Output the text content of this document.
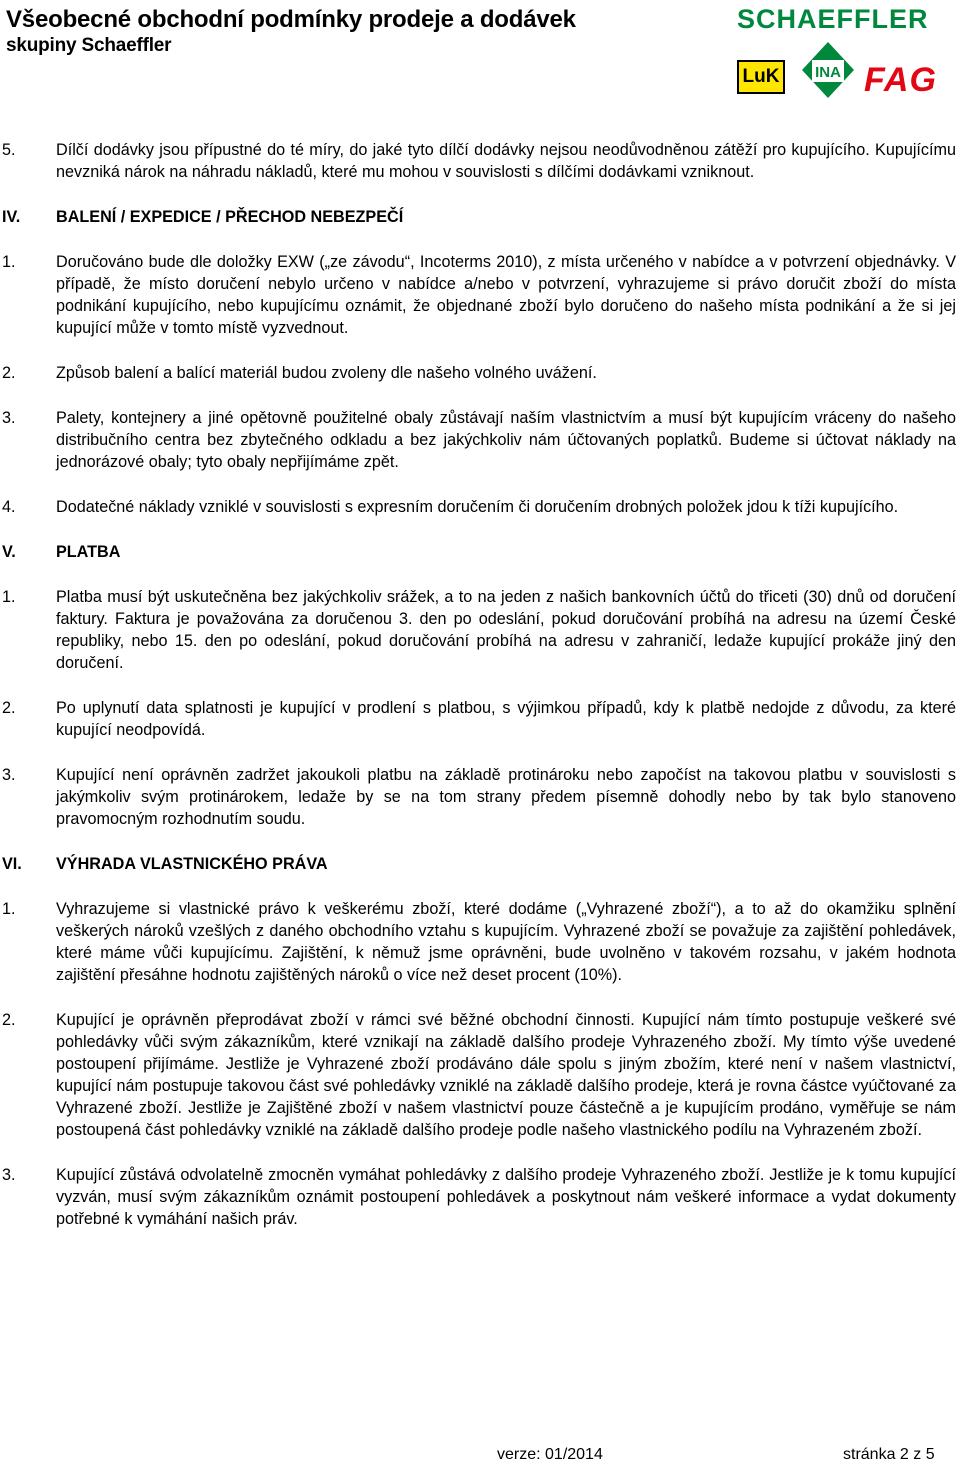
Všeobecné obchodní podmínky prodeje a dodávek
skupiny Schaeffler
SCHAEFFLER
LuK	INA FAG
5. Dílčí dodávky jsou přípustné do té míry, do jaké tyto dílčí dodávky nejsou neodůvodněnou zátěží pro kupujícího. Kupujícímu nevzniká nárok na náhradu nákladů, které mu mohou v souvislosti s dílčími dodávkami vzniknout.

IV. BALENÍ / EXPEDICE / PŘECHOD NEBEZPEČÍ
1. Doručováno bude dle doložky EXW („ze závodu“, Incoterms 2010), z místa určeného v nabídce a v potvrzení objednávky. V případě, že místo doručení nebylo určeno v nabídce a/nebo v potvrzení, vyhrazujeme si právo doručit zboží do místa podnikání kupujícího, nebo kupujícímu oznámit, že objednané zboží bylo doručeno do našeho místa podnikání a že si jej kupující může v tomto místě vyzvednout.

2. Způsob balení a balící materiál budou zvoleny dle našeho volného uvážení.

3. Palety, kontejnery a jiné opětovně použitelné obaly zůstávají naším vlastnictvím a musí být kupujícím vráceny do našeho distribučního centra bez zbytečného odkladu a bez jakýchkoliv nám účtovaných poplatků. Budeme si účtovat náklady na jednorázové obaly; tyto obaly nepřijímáme zpět.

4. Dodatečné náklady vzniklé v souvislosti s expresním doručením či doručením drobných položek jdou k tíži kupujícího.

V. PLATBA
1. Platba musí být uskutečněna bez jakýchkoliv srážek, a to na jeden z našich bankovních účtů do třiceti (30) dnů od doručení faktury. Faktura je považována za doručenou 3. den po odeslání, pokud doručování probíhá na adresu na území České republiky, nebo 15. den po odeslání, pokud doručování probíhá na adresu v zahraničí, ledaže kupující prokáže jiný den doručení.

2. Po uplynutí data splatnosti je kupující v prodlení s platbou, s výjimkou případů, kdy k platbě nedojde z důvodu, za které kupující neodpovídá.

3. Kupující není oprávněn zadržet jakoukoli platbu na základě protinároku nebo započíst na takovou platbu v souvislosti s jakýmkoliv svým protinárokem, ledaže by se na tom strany předem písemně dohodly nebo by tak bylo stanoveno pravomocným rozhodnutím soudu.

VI. VÝHRADA VLASTNICKÉHO PRÁVA
1. Vyhrazujeme si vlastnické právo k veškerému zboží, které dodáme („Vyhrazené zboží“), a to až do okamžiku splnění veškerých nároků vzešlých z daného obchodního vztahu s kupujícím. Vyhrazené zboží se považuje za zajištění pohledávek, které máme vůči kupujícímu. Zajištění, k němuž jsme oprávněni, bude uvolněno v takovém rozsahu, v jakém hodnota zajištění přesáhne hodnotu zajištěných nároků o více než deset procent (10%).

2. Kupující je oprávněn přeprodávat zboží v rámci své běžné obchodní činnosti. Kupující nám tímto postupuje veškeré své pohledávky vůči svým zákazníkům, které vznikají na základě dalšího prodeje Vyhrazeného zboží. My tímto výše uvedené postoupení přijímáme. Jestliže je Vyhrazené zboží prodáváno dále spolu s jiným zbožím, které není v našem vlastnictví, kupující nám postupuje takovou část své pohledávky vzniklé na základě dalšího prodeje, která je rovna částce vyúčtované za Vyhrazené zboží. Jestliže je Zajištěné zboží v našem vlastnictví pouze částečně a je kupujícím prodáno, vyměřuje se nám postoupená část pohledávky vzniklé na základě dalšího prodeje podle našeho vlastnického podílu na Vyhrazeném zboží.

3. Kupující zůstává odvolatelně zmocněn vymáhat pohledávky z dalšího prodeje Vyhrazeného zboží. Jestliže je k tomu kupující vyzván, musí svým zákazníkům oznámit postoupení pohledávek a poskytnout nám veškeré informace a vydat dokumenty potřebné k vymáhání našich práv.

verze: 01/2014	stránka 2 z 5
